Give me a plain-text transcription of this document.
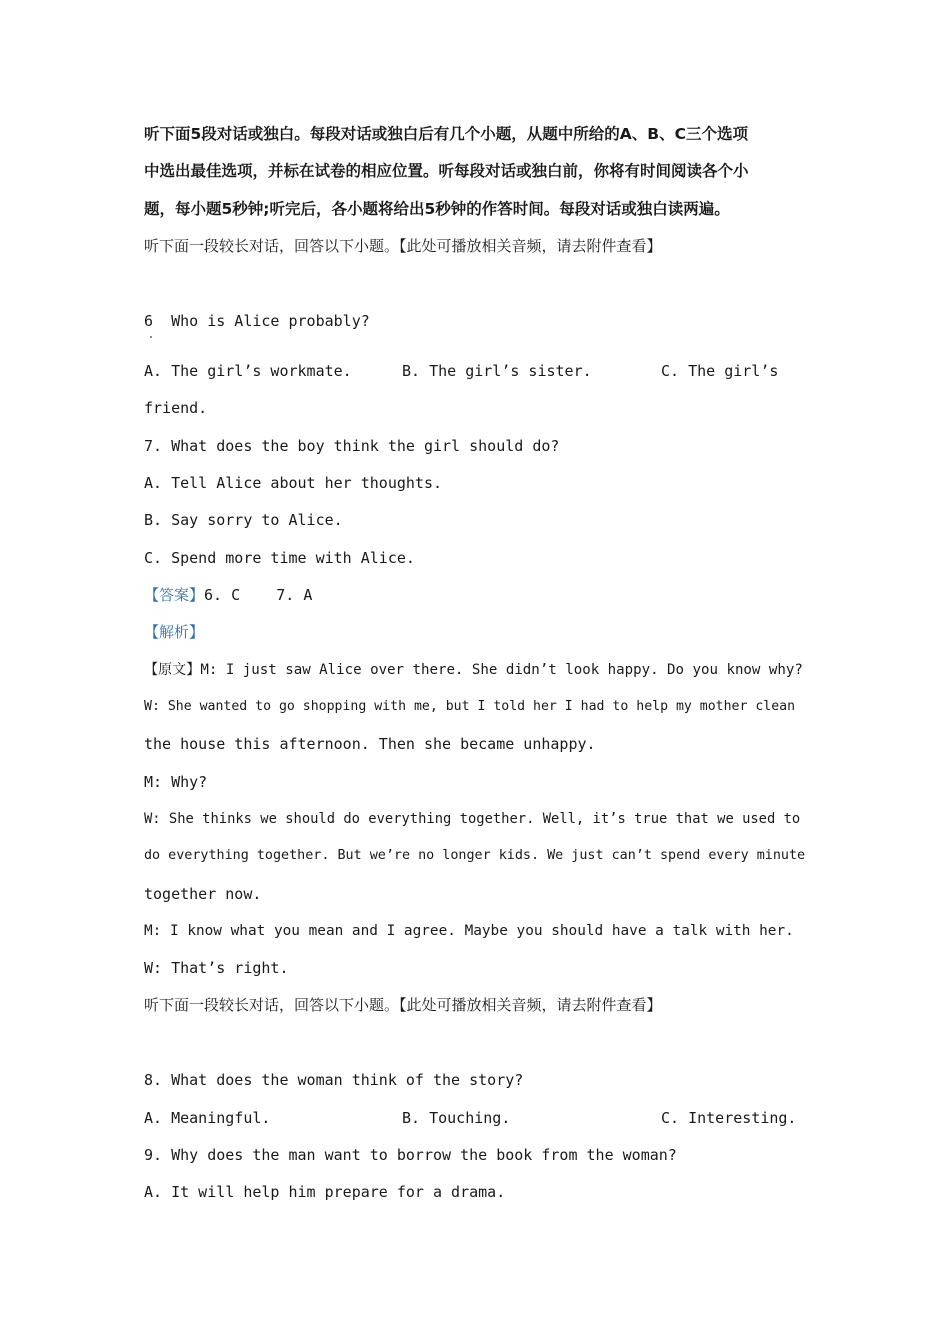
听下面5段对话或独白。每段对话或独白后有几个小题，从题中所给的A、B、C三个选项
中选出最佳选项，并标在试卷的相应位置。听每段对话或独白前，你将有时间阅读各个小
题，每小题5秒钟;听完后，各小题将给出5秒钟的作答时间。每段对话或独白读两遍。
听下面一段较长对话，回答以下小题。【此处可播放相关音频，请去附件查看】
6  Who is Alice probably?
A. The girl’s workmate.	B. The girl’s sister.	C. The girl’s
friend.
7. What does the boy think the girl should do?
A. Tell Alice about her thoughts.
B. Say sorry to Alice.
C. Spend more time with Alice.
【答案】6. C    7. A
【解析】
【原文】M: I just saw Alice over there. She didn’t look happy. Do you know why?
W: She wanted to go shopping with me, but I told her I had to help my mother clean
the house this afternoon. Then she became unhappy.
M: Why?
W: She thinks we should do everything together. Well, it’s true that we used to
do everything together. But we’re no longer kids. We just can’t spend every minute
together now.
M: I know what you mean and I agree. Maybe you should have a talk with her.
W: That’s right.
听下面一段较长对话，回答以下小题。【此处可播放相关音频，请去附件查看】
8. What does the woman think of the story?
A. Meaningful.	B. Touching.	C. Interesting.
9. Why does the man want to borrow the book from the woman?
A. It will help him prepare for a drama.
